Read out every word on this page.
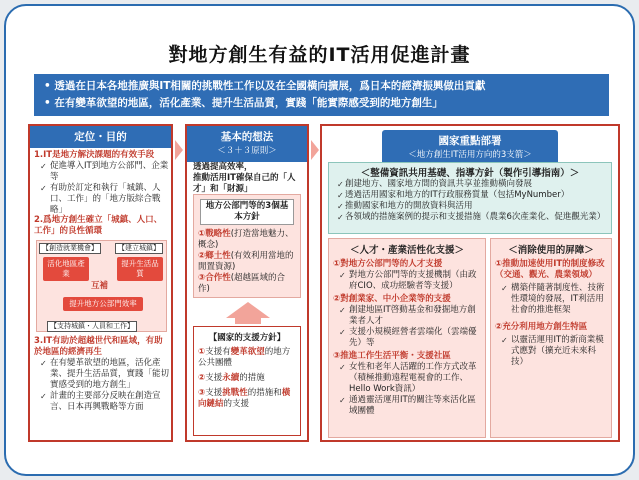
對地方創生有益的IT活用促進計畫
• 透過在日本各地推廣與IT相關的挑戰性工作以及在全國橫向擴展，爲日本的經濟振興做出貢獻
• 在有變革欲望的地區，活化產業、提升生活品質，實踐「能實際感受到的地方創生」
定位・目的
1.IT是地方解決課題的有效手段
✓ 促進導入IT到地方公部門、企業等
✓ 有助於訂定和執行「城鎮、人口、工作」的「地方版綜合戰略」
2.爲地方創生確立「城鎮、人口、工作」的良性循環
【創造就業機會】	【建立城鎮】
活化地區產業
提升生活品質
互補
提升地方公部門效率
【支持城鎮・人員和工作】
3.IT有助於超越世代和區域，有助於地區的經濟再生
✓ 在有變革欲望的地區，活化產業、提升生活品質，實踐「能切實感受到的地方創生」
✓ 計畫的主要部分反映在創造宣言、日本再興戰略等方面
基本的想法
＜３＋３原則＞
透過提高效率，
推動活用IT確保自己的「人才」和「財源」
地方公部門等的3個基本方針
①戰略性(打造當地魅力、概念)
②鄉土性(有效利用當地的閒置資源)
③合作性(超越區域的合作)
【國家的支援方針】
①支援有變革欲望的地方公共團體
②支援永續的措施
③支援挑戰性的措施和橫向鏈結的支援
國家重點部署
＜地方創生IT活用方向的3支箭＞
＜整備資訊共用基礎、指導方針（製作引導指南）＞
✓ 創建地方、國家地方間的資訊共享並推動橫向發展
✓ 透過活用國家和地方的IT行政服務質量（包括MyNumber）
✓ 推動國家和地方的開放資料與活用
✓ 各領域的措施案例的提示和支援措施（農業6次產業化、促進觀光業）
＜人才・產業活性化支援＞
①對地方公部門等的人才支援
✓ 對地方公部門等的支援機制（由政府CIO、成功經驗者等支援）
②對創業家、中小企業等的支援
✓ 創建地區IT啓動基金和發掘地方創業者人才
✓ 支援小規模經營者雲端化（雲端優先）等
③推進工作生活平衡・支援社區
✓ 女性和老年人活躍的工作方式改革（積極推動遠程電視會的工作、Hello Work資訊）
✓ 通過靈活運用IT的關注等來活化區域團體
＜消除使用的屏障＞
①推動加速使用IT的制度修改（交通、觀光、農業領域）
✓ 構築伴隨著制度性、技術性環境的發展，IT利活用社會的推進框架
②充分利用地方創生特區
✓ 以靈活運用IT的新商業模式應對（擴充近未來科技）
